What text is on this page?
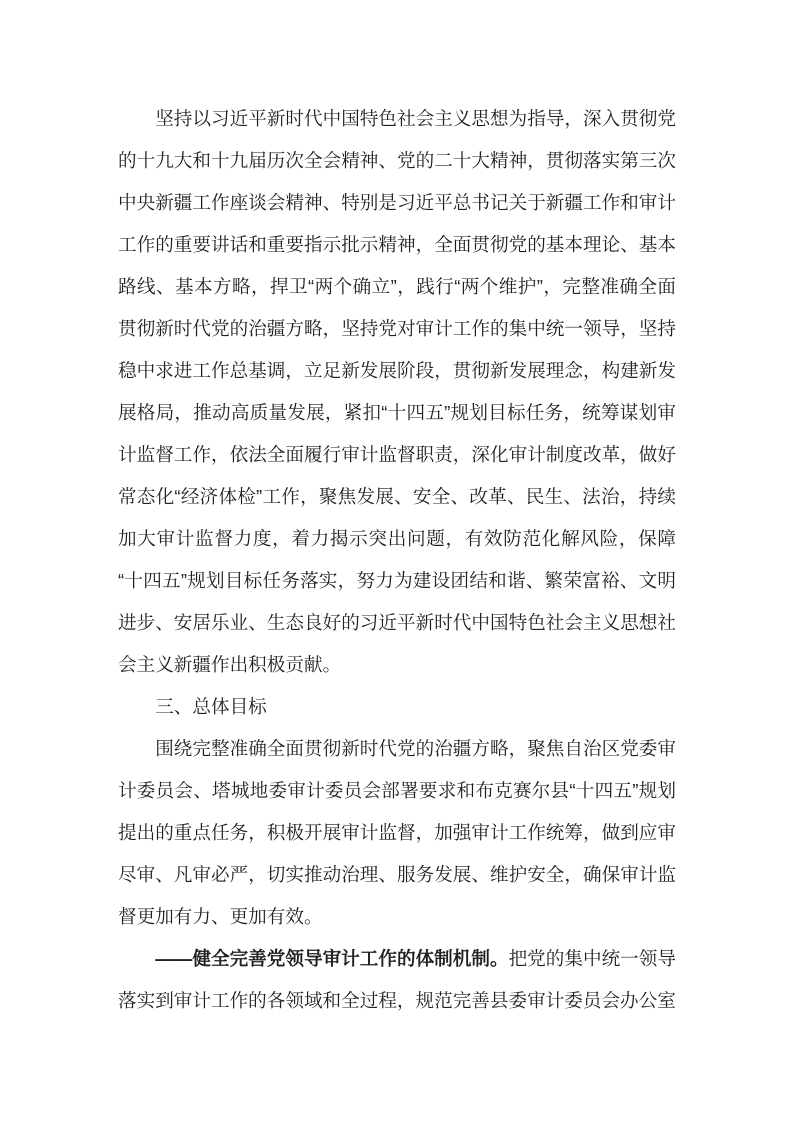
坚持以习近平新时代中国特色社会主义思想为指导，深入贯彻党的十九大和十九届历次全会精神、党的二十大精神，贯彻落实第三次中央新疆工作座谈会精神、特别是习近平总书记关于新疆工作和审计工作的重要讲话和重要指示批示精神，全面贯彻党的基本理论、基本路线、基本方略，捍卫“两个确立”，践行“两个维护”，完整准确全面贯彻新时代党的治疆方略，坚持党对审计工作的集中统一领导，坚持稳中求进工作总基调，立足新发展阶段，贯彻新发展理念，构建新发展格局，推动高质量发展，紧扣“十四五”规划目标任务，统筹谋划审计监督工作，依法全面履行审计监督职责，深化审计制度改革，做好常态化“经济体检”工作，聚焦发展、安全、改革、民生、法治，持续加大审计监督力度，着力揭示突出问题，有效防范化解风险，保障“十四五”规划目标任务落实，努力为建设团结和谐、繁荣富裕、文明进步、安居乐业、生态良好的习近平新时代中国特色社会主义思想社会主义新疆作出积极贡献。

三、总体目标

围绕完整准确全面贯彻新时代党的治疆方略，聚焦自治区党委审计委员会、塔城地委审计委员会部署要求和布克赛尔县“十四五”规划提出的重点任务，积极开展审计监督，加强审计工作统筹，做到应审尽审、凡审必严，切实推动治理、服务发展、维护安全，确保审计监督更加有力、更加有效。

——健全完善党领导审计工作的体制机制。把党的集中统一领导落实到审计工作的各领域和全过程，规范完善县委审计委员会办公室
